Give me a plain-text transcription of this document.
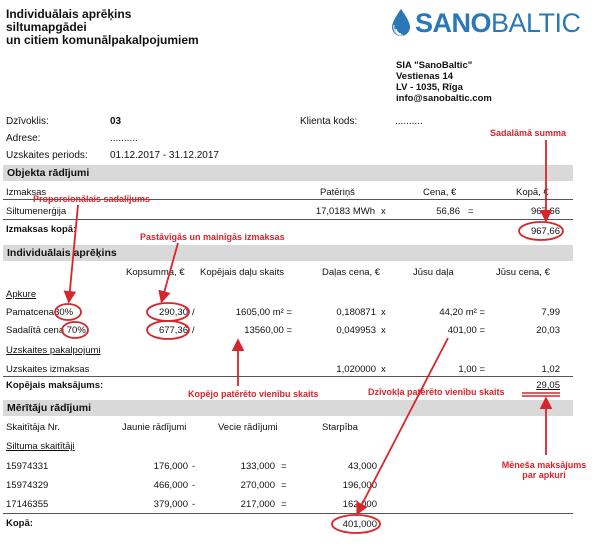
Individuālais aprēķins
siltumapgādei
un citiem komunālpakalpojumiem
SANOBALTIC
SIA "SanoBaltic"
Vestienas 14
LV - 1035, Rīga
info@sanobaltic.com
Dzīvoklis:	03	Klienta kods:	..........
Adrese:	..........
Uzskaites periods: 01.12.2017 - 31.12.2017
Objekta rādījumi
Izmaksas	Patēriņš	Cena, €	Kopā, €
Siltumenerģija	17,0183 MWh x	56,86 =	967,66
Izmaksas kopā:	967,66
Individuālais aprēķins
Kopsumma, € Kopējais daļu skaits	Daļas cena, €	Jūsu daļa	Jūsu cena, €
Apkure
Pamatcena30%	290,30 /	1605,00 m² =	0,180871 x	44,20 m² =	7,99
Sadalītā cena 70%	677,36 /	13560,00 =	0,049953 x	401,00 =	20,03
Uzskaites pakalpojumi
Uzskaites izmaksas	1,020000 x	1,00 =	1,02
Kopējais maksājums:	29,05
Mērītāju rādījumi
Skaitītāja Nr.	Jaunie rādījumi	Vecie rādījumi	Starpība
Siltuma skaitītāji
15974331	176,000 -	133,000 =	43,000
15974329	466,000 -	270,000 =	196,000
17146355	379,000 -	217,000 =	162,000
Kopā:	401,000
Sadalāmā summa
Proporcionālais sadalījums
Pastāvīgās un mainīgās izmaksas
Kopējo patērēto vienību skaits	Dzīvokļa patērēto vienību skaits
Mēneša maksājums
par apkuri
